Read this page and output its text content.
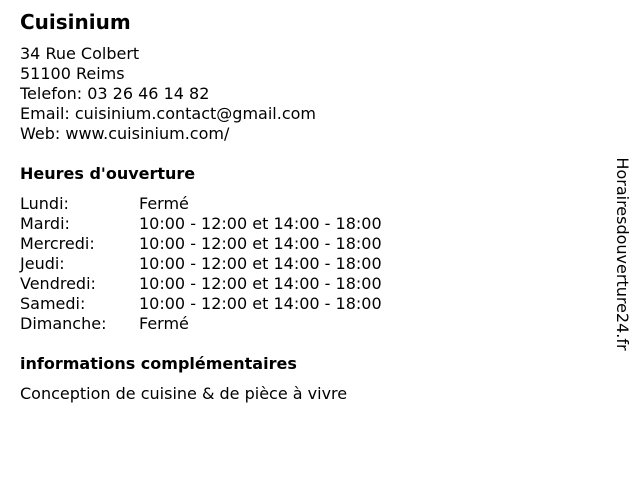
Cuisinium
34 Rue Colbert
51100 Reims
Telefon: 03 26 46 14 82
Email: cuisinium.contact@gmail.com
Web: www.cuisinium.com/
Heures d'ouverture
Lundi:	Fermé
Mardi:	10:00 - 12:00 et 14:00 - 18:00
Mercredi:	10:00 - 12:00 et 14:00 - 18:00
Jeudi:	10:00 - 12:00 et 14:00 - 18:00
Vendredi:	10:00 - 12:00 et 14:00 - 18:00
Samedi:	10:00 - 12:00 et 14:00 - 18:00
Dimanche: Fermé
informations complémentaires
Conception de cuisine & de pièce à vivre
Horairesdouverture24.fr
